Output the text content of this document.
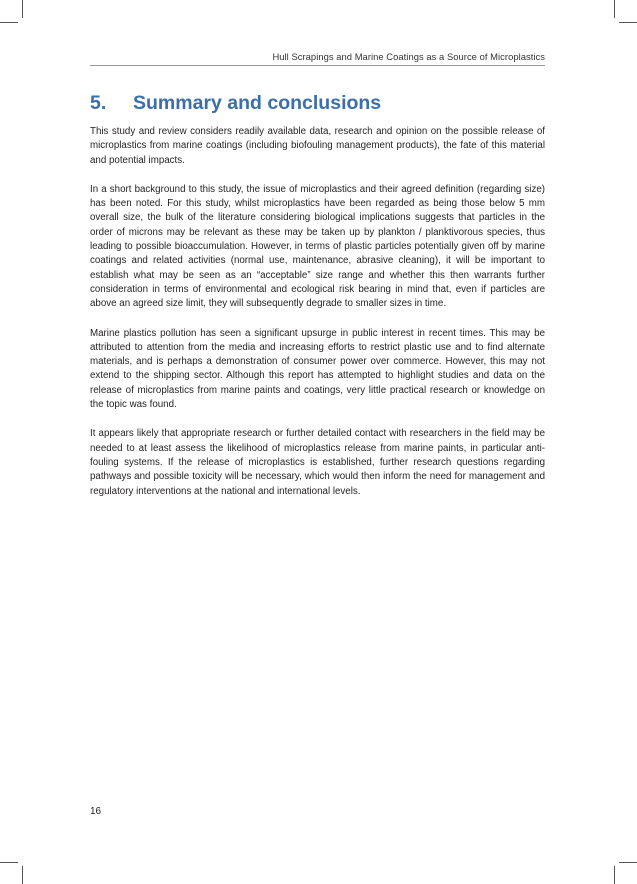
Hull Scrapings and Marine Coatings as a Source of Microplastics
5. Summary and conclusions

This study and review considers readily available data, research and opinion on the possible release of microplastics from marine coatings (including biofouling management products), the fate of this material and potential impacts.

In a short background to this study, the issue of microplastics and their agreed definition (regarding size) has been noted. For this study, whilst microplastics have been regarded as being those below 5 mm overall size, the bulk of the literature considering biological implications suggests that particles in the order of microns may be relevant as these may be taken up by plankton / planktivorous species, thus leading to possible bioaccumulation. However, in terms of plastic particles potentially given off by marine coatings and related activities (normal use, maintenance, abrasive cleaning), it will be important to establish what may be seen as an “acceptable” size range and whether this then warrants further consideration in terms of environmental and ecological risk bearing in mind that, even if particles are above an agreed size limit, they will subsequently degrade to smaller sizes in time.

Marine plastics pollution has seen a significant upsurge in public interest in recent times. This may be attributed to attention from the media and increasing efforts to restrict plastic use and to find alternate materials, and is perhaps a demonstration of consumer power over commerce. However, this may not extend to the shipping sector. Although this report has attempted to highlight studies and data on the release of microplastics from marine paints and coatings, very little practical research or knowledge on the topic was found.

It appears likely that appropriate research or further detailed contact with researchers in the field may be needed to at least assess the likelihood of microplastics release from marine paints, in particular anti-fouling systems. If the release of microplastics is established, further research questions regarding pathways and possible toxicity will be necessary, which would then inform the need for management and regulatory interventions at the national and international levels.

16
